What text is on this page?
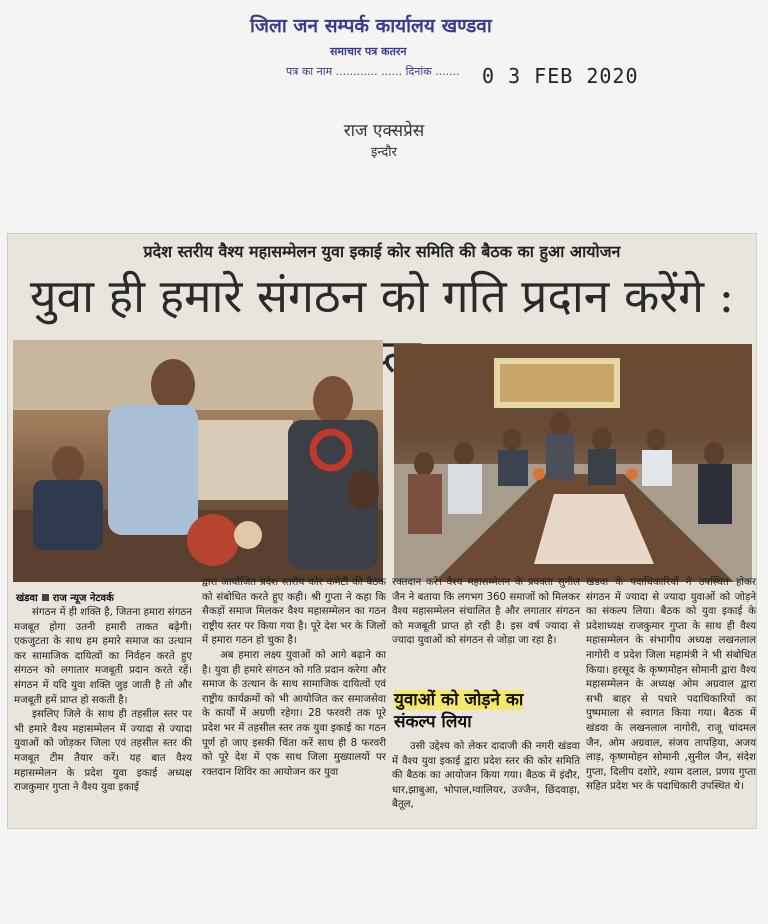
जिला जन सम्पर्क कार्यालय खण्डवा
समाचार पत्र कतरन
पत्र का नाम ............ ...... दिनांक ....... 0 3 FEB 2020
राज एक्सप्रेस
इन्दौर
प्रदेश स्तरीय वैश्य महासम्मेलन युवा इकाई कोर समिति की बैठक का हुआ आयोजन
युवा ही हमारे संगठन को गति प्रदान करेंगे :
खंडवा राज न्यूज नेटवर्क

संगठन में ही शक्ति है, जितना हमारा संगठन मजबूत होगा उतनी हमारी ताकत बढ़ेगी। एकजुटता के साथ हम हमारे समाज का उत्थान कर सामाजिक दायित्वों का निर्वहन करते हुए संगठन को लगातार मजबूती प्रदान करते रहें। संगठन में यदि युवा शक्ति जुड़ जाती है तो और मजबूती हमें प्राप्त हो सकती है।

इसलिए जिले के साथ ही तहसील स्तर पर भी हमारे वैश्य महासम्मेलन में ज्यादा से ज्यादा युवाओं को जोड़कर जिला एवं तहसील स्तर की मजबूत टीम तैयार करें। यह बात वैश्य महासम्मेलन के प्रदेश युवा इकाई अध्यक्ष राजकुमार गुप्ता ने वैश्य युवा इकाई

द्वारा आयोजित प्रदेश स्तरीय कोर कमेटी की बैठक को संबोधित करते हुए कही। श्री गुप्ता ने कहा कि सैकड़ों समाज मिलकर वैश्य महासम्मेलन का गठन राष्ट्रीय स्तर पर किया गया है। पूरे देश भर के जिलों में हमारा गठन हो चुका है।

अब हमारा लक्ष्य युवाओं को आगे बढ़ाने का है। युवा ही हमारे संगठन को गति प्रदान करेगा और समाज के उत्थान के साथ सामाजिक दायित्वों एवं राष्ट्रीय कार्यक्रमों को भी आयोजित कर समाजसेवा के कार्यों में अग्रणी रहेगा। 28 फरवरी तक पूरे प्रदेश भर में तहसील स्तर तक युवा इकाई का गठन पूर्ण हो जाए इसकी चिंता करें साथ ही 8 फरवरी को पूरे देश में एक साथ जिला मुख्यालयों पर रक्तदान शिविर का आयोजन कर युवा

रक्तदान करें। वैश्य महासम्मेलन के प्रवक्ता सुनील जैन ने बताया कि लगभग 360 समाजों को मिलकर वैश्य महासम्मेलन संचालित है और लगातार संगठन को मजबूती प्राप्त हो रही है। इस वर्ष ज्यादा से ज्यादा युवाओं को संगठन से जोड़ा जा रहा है।

युवाओं को जोड़ने का
संकल्प लिया

उसी उद्देश्य को लेकर दादाजी की नगरी खंडवा में वैश्य युवा इकाई द्वारा प्रदेश स्तर की कोर समिति की बैठक का आयोजन किया गया। बैठक में इंदौर, धार,झाबुआ, भोपाल,ग्वालियर, उज्जैन, छिंदवाड़ा, बैतूल,

खंडवा के पदाधिकारियों ने उपस्थित होकर संगठन में ज्यादा से ज्यादा युवाओं को जोड़ने का संकल्प लिया। बैठक को युवा इकाई के प्रदेशाध्यक्ष राजकुमार गुप्ता के साथ ही वैश्य महासम्मेलन के संभागीय अध्यक्ष लखनलाल नागोरी व प्रदेश जिला महामंत्री ने भी संबोधित किया। हरसूद के कृष्णमोहन सोमानी द्वारा वैश्य महासम्मेलन के अध्यक्ष ओम अग्रवाल द्वारा सभी बाहर से पधारे पदाधिकारियों का पुष्पमाला से स्वागत किया गया। बैठक में खंडवा के लखनलाल नागोरी, राजू चांदमल जैन, ओम अग्रवाल, संजय तापड़िया, अजय लाड़, कृष्णमोहन सोमानी ,सुनील जैन, संदेश गुप्ता, दिलीप दशोरे, श्याम दलाल, प्रणय गुप्ता सहित प्रदेश भर के पदाधिकारी उपस्थित थे।
